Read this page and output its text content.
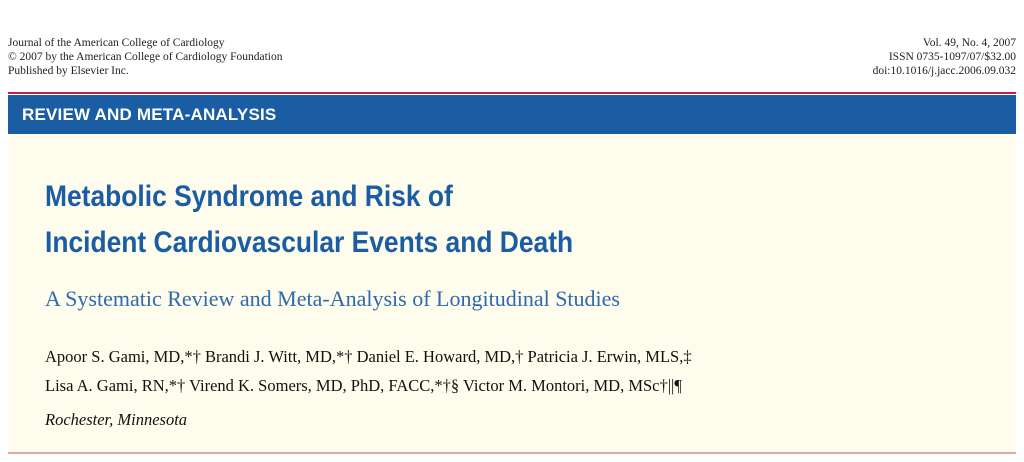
Journal of the American College of Cardiology
© 2007 by the American College of Cardiology Foundation
Published by Elsevier Inc.
Vol. 49, No. 4, 2007
ISSN 0735-1097/07/$32.00
doi:10.1016/j.jacc.2006.09.032
REVIEW AND META-ANALYSIS
Metabolic Syndrome and Risk of
Incident Cardiovascular Events and Death
A Systematic Review and Meta-Analysis of Longitudinal Studies
Apoor S. Gami, MD,*† Brandi J. Witt, MD,*† Daniel E. Howard, MD,† Patricia J. Erwin, MLS,‡
Lisa A. Gami, RN,*† Virend K. Somers, MD, PhD, FACC,*†§ Victor M. Montori, MD, MSc†||¶
Rochester, Minnesota
